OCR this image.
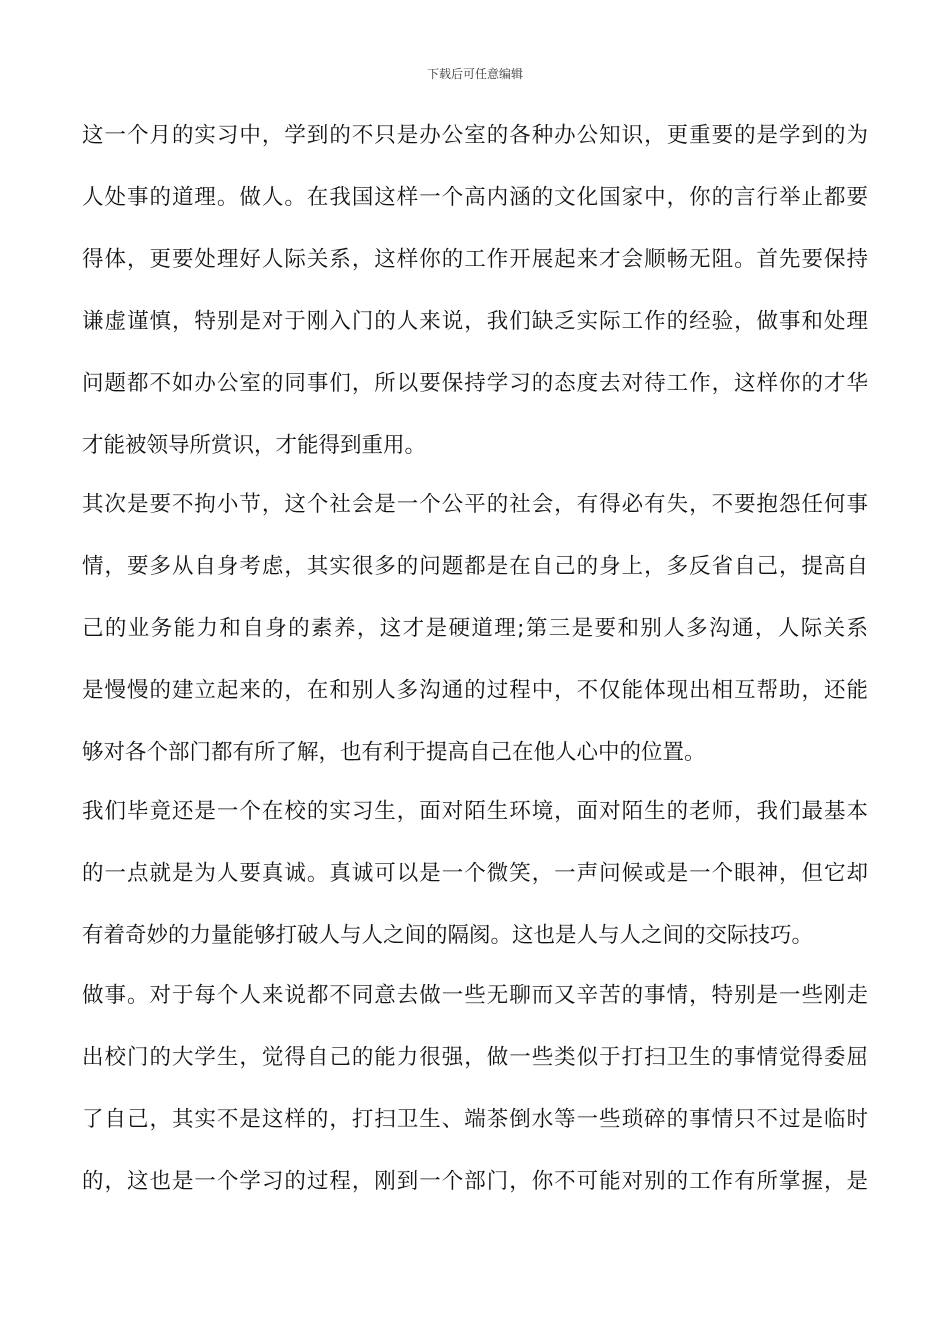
下载后可任意编辑
这一个月的实习中，学到的不只是办公室的各种办公知识，更重要的是学到的为
人处事的道理。做人。在我国这样一个高内涵的文化国家中，你的言行举止都要
得体，更要处理好人际关系，这样你的工作开展起来才会顺畅无阻。首先要保持
谦虚谨慎，特别是对于刚入门的人来说，我们缺乏实际工作的经验，做事和处理
问题都不如办公室的同事们，所以要保持学习的态度去对待工作，这样你的才华
才能被领导所赏识，才能得到重用。
其次是要不拘小节，这个社会是一个公平的社会，有得必有失，不要抱怨任何事
情，要多从自身考虑，其实很多的问题都是在自己的身上，多反省自己，提高自
己的业务能力和自身的素养，这才是硬道理;第三是要和别人多沟通，人际关系
是慢慢的建立起来的，在和别人多沟通的过程中，不仅能体现出相互帮助，还能
够对各个部门都有所了解，也有利于提高自己在他人心中的位置。
我们毕竟还是一个在校的实习生，面对陌生环境，面对陌生的老师，我们最基本
的一点就是为人要真诚。真诚可以是一个微笑，一声问候或是一个眼神，但它却
有着奇妙的力量能够打破人与人之间的隔阂。这也是人与人之间的交际技巧。
做事。对于每个人来说都不同意去做一些无聊而又辛苦的事情，特别是一些刚走
出校门的大学生，觉得自己的能力很强，做一些类似于打扫卫生的事情觉得委屈
了自己，其实不是这样的，打扫卫生、端茶倒水等一些琐碎的事情只不过是临时
的，这也是一个学习的过程，刚到一个部门，你不可能对别的工作有所掌握，是
